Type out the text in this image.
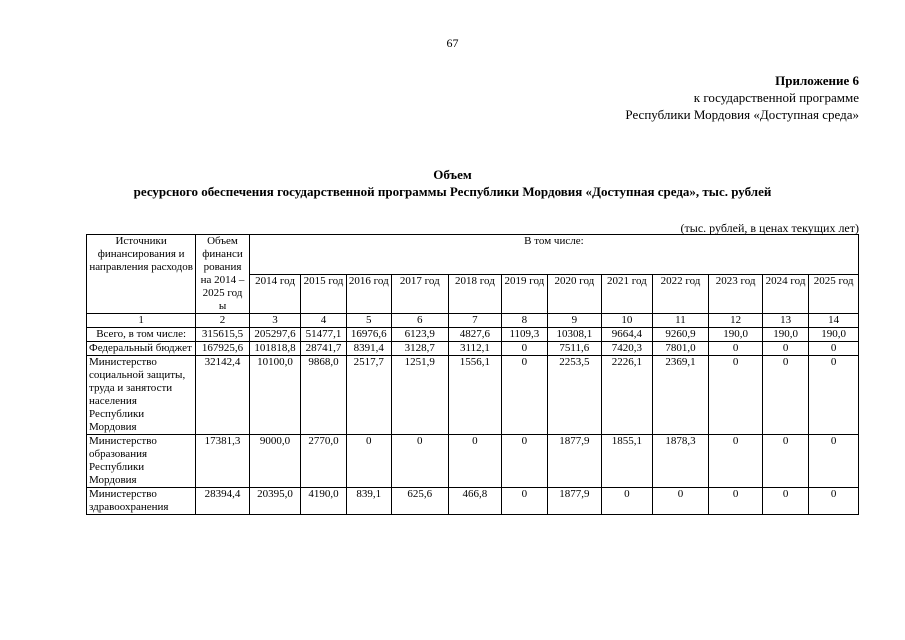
67
Приложение 6
к государственной программе
Республики Мордовия «Доступная среда»
Объем
ресурсного обеспечения государственной программы Республики Мордовия «Доступная среда», тыс. рублей
(тыс. рублей, в ценах текущих лет)
Источники финансирования и направления расходов	Объем финанси рования на 2014 – 2025 год ы	В том числе:											
		2014 год	2015 год	2016 год	2017 год	2018 год	2019 год	2020 год	2021 год	2022 год	2023 год	2024 год	2025 год
1	2	3	4	5	6	7	8	9	10	11	12	13	14
Всего, в том числе:	315615,5	205297,6	51477,1	16976,6	6123,9	4827,6	1109,3	10308,1	9664,4	9260,9	190,0	190,0	190,0
Федеральный бюджет	167925,6	101818,8	28741,7	8391,4	3128,7	3112,1	0	7511,6	7420,3	7801,0	0	0	0
Министерство социальной защиты, труда и занятости населения Республики Мордовия	32142,4	10100,0	9868,0	2517,7	1251,9	1556,1	0	2253,5	2226,1	2369,1	0	0	0
Министерство образования Республики Мордовия	17381,3	9000,0	2770,0	0	0	0	0	1877,9	1855,1	1878,3	0	0	0
Министерство здравоохранения	28394,4	20395,0	4190,0	839,1	625,6	466,8	0	1877,9	0	0	0	0	0
